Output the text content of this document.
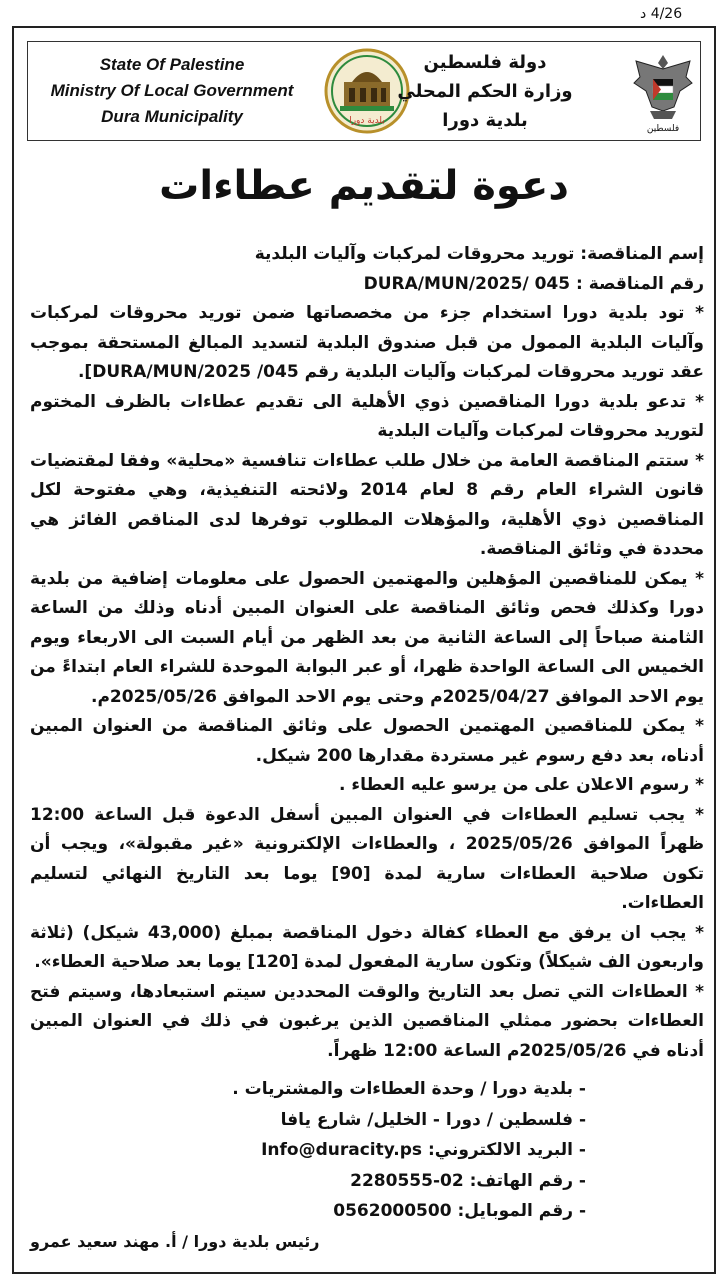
4/26 د
State Of Palestine
Ministry Of Local Government
Dura Municipality	بلدية دورا
دولة فلسطين
وزارة الحكم المحلي
بلدية دورا	فلسطين
دعوة لتقديم عطاءات

إسم المناقصة: توريد محروقات لمركبات وآليات البلدية

رقم المناقصة : DURA/MUN/2025/ 045

* تود بلدية دورا استخدام جزء من مخصصاتها ضمن توريد محروقات لمركبات وآليات البلدية الممول من قبل صندوق البلدية لتسديد المبالغ المستحقة بموجب عقد توريد محروقات لمركبات وآليات البلدية رقم DURA/MUN/2025 /045].

* تدعو بلدية دورا المناقصين ذوي الأهلية الى تقديم عطاءات بالظرف المختوم لتوريد محروقات لمركبات وآليات البلدية

* ستتم المناقصة العامة من خلال طلب عطاءات تنافسية «محلية» وفقا لمقتضيات قانون الشراء العام رقم 8 لعام 2014 ولائحته التنفيذية، وهي مفتوحة لكل المناقصين ذوي الأهلية، والمؤهلات المطلوب توفرها لدى المناقص الفائز هي محددة في وثائق المناقصة.

* يمكن للمناقصين المؤهلين والمهتمين الحصول على معلومات إضافية من بلدية دورا وكذلك فحص وثائق المناقصة على العنوان المبين أدناه وذلك من الساعة الثامنة صباحاً إلى الساعة الثانية من بعد الظهر من أيام السبت الى الاربعاء ويوم الخميس الى الساعة الواحدة ظهرا، أو عبر البوابة الموحدة للشراء العام ابتداءً من يوم الاحد الموافق 2025/04/27م وحتى يوم الاحد الموافق 2025/05/26م.

* يمكن للمناقصين المهتمين الحصول على وثائق المناقصة من العنوان المبين أدناه، بعد دفع رسوم غير مستردة مقدارها 200 شيكل.

* رسوم الاعلان على من يرسو عليه العطاء .

* يجب تسليم العطاءات في العنوان المبين أسفل الدعوة قبل الساعة 12:00 ظهراً الموافق 2025/05/26 ، والعطاءات الإلكترونية «غير مقبولة»، ويجب أن تكون صلاحية العطاءات سارية لمدة [90] يوما بعد التاريخ النهائي لتسليم العطاءات.

* يجب ان يرفق مع العطاء كفالة دخول المناقصة بمبلغ (43,000 شيكل) (ثلاثة واربعون الف شيكلاً) وتكون سارية المفعول لمدة [120] يوما بعد صلاحية العطاء».

* العطاءات التي تصل بعد التاريخ والوقت المحددين سيتم استبعادها، وسيتم فتح العطاءات بحضور ممثلي المناقصين الذين يرغبون في ذلك في العنوان المبين أدناه في 2025/05/26م الساعة 12:00 ظهراً.

- بلدية دورا / وحدة العطاءات والمشتريات .
- فلسطين / دورا - الخليل/ شارع يافا
- البريد الالكتروني: Info@duracity.ps
- رقم الهاتف: 02-2280555
- رقم الموبايل: 0562000500
رئيس بلدية دورا / أ. مهند سعيد عمرو
